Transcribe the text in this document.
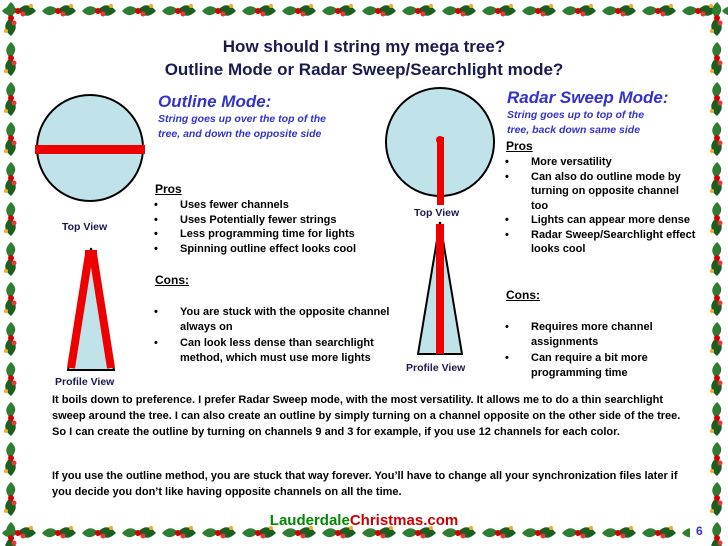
How should I string my mega tree?
Outline Mode or Radar Sweep/Searchlight mode?
Top View
Profile View
Outline Mode:
String goes up over the top of the
tree, and down the opposite side
Pros
• Uses fewer channels
• Uses Potentially fewer strings
• Less programming time for lights
• Spinning outline effect looks cool
Cons:
• You are stuck with the opposite channel always on
• Can look less dense than searchlight method, which must use more lights
Top View
Profile View
Radar Sweep Mode:
String goes up to top of the
tree, back down same side
Pros
• More versatility
• Can also do outline mode by turning on opposite channel too
• Lights can appear more dense
• Radar Sweep/Searchlight effect looks cool
Cons:
• Requires more channel assignments
• Can require a bit more programming time
It boils down to preference. I prefer Radar Sweep mode, with the most versatility. It allows me to do a thin searchlight sweep around the tree. I can also create an outline by simply turning on a channel opposite on the other side of the tree. So I can create the outline by turning on channels 9 and 3 for example, if you use 12 channels for each color.
If you use the outline method, you are stuck that way forever. You’ll have to change all your synchronization files later if you decide you don’t like having opposite channels on all the time.
LauderdaleChristmas.com
6
